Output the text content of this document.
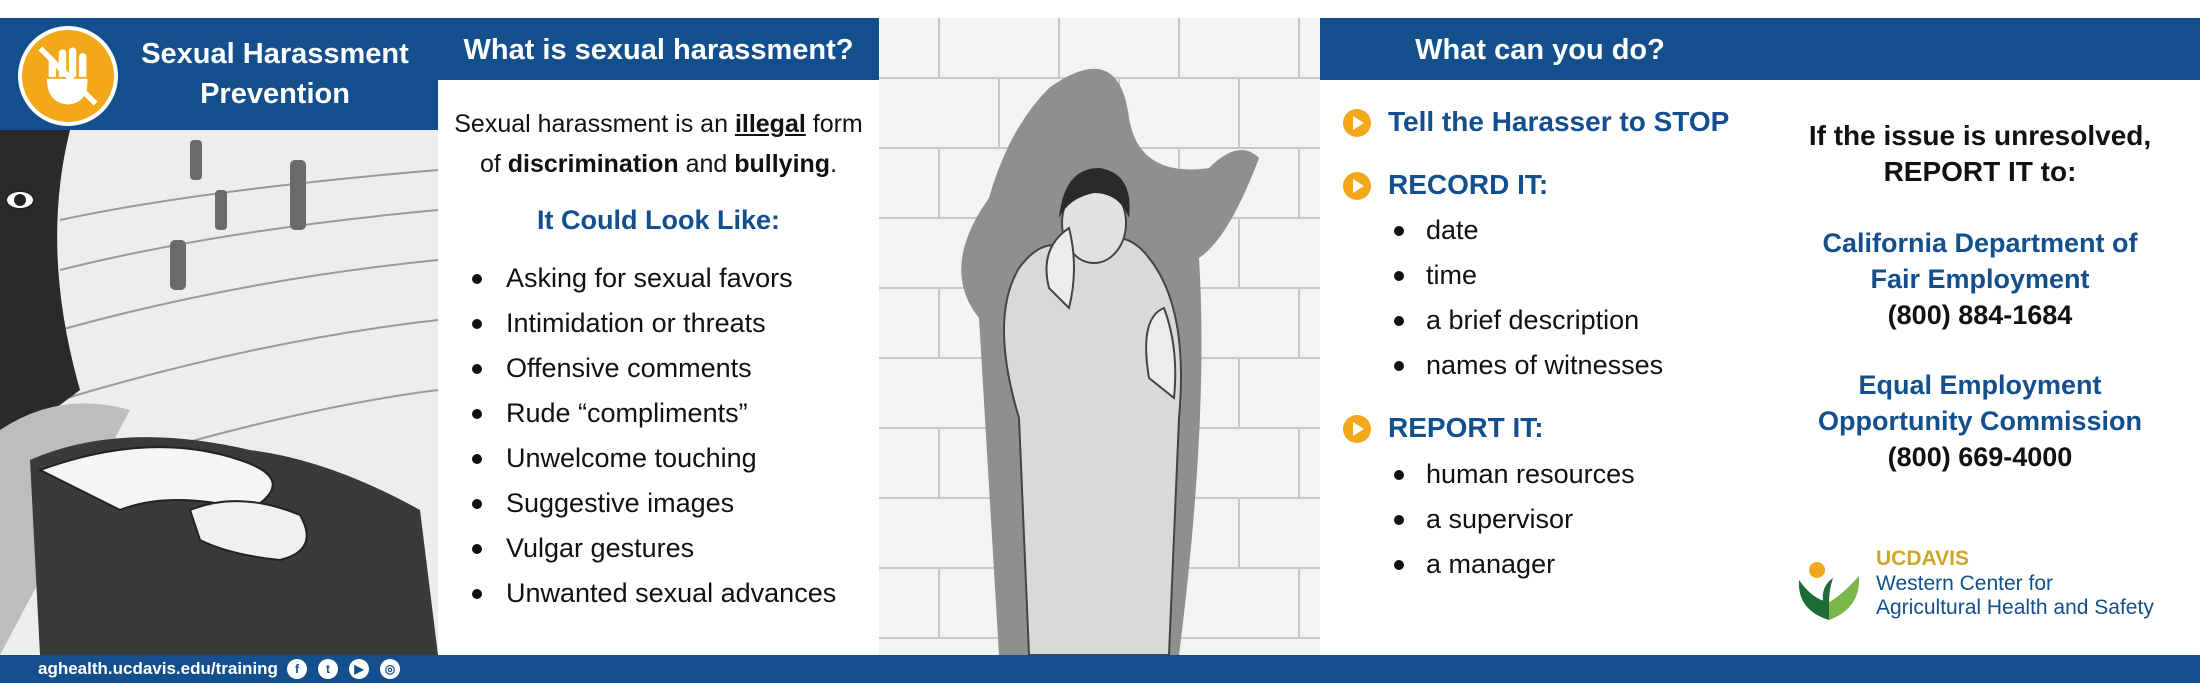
Sexual Harassment
Prevention
What is sexual harassment?
Sexual harassment is an illegal form of discrimination and bullying.
It Could Look Like:
Asking for sexual favors
Intimidation or threats
Offensive comments
Rude “compliments”
Unwelcome touching
Suggestive images
Vulgar gestures
Unwanted sexual advances
What can you do?
Tell the Harasser to STOP
RECORD IT:
date
time
a brief description
names of witnesses
REPORT IT:
human resources
a supervisor
a manager
If the issue is unresolved,
REPORT IT to:
California Department of
Fair Employment
(800) 884-1684
Equal Employment
Opportunity Commission
(800) 669-4000
UCDAVIS
Western Center for
Agricultural Health and Safety
aghealth.ucdavis.edu/training	f	t	▶	◎
